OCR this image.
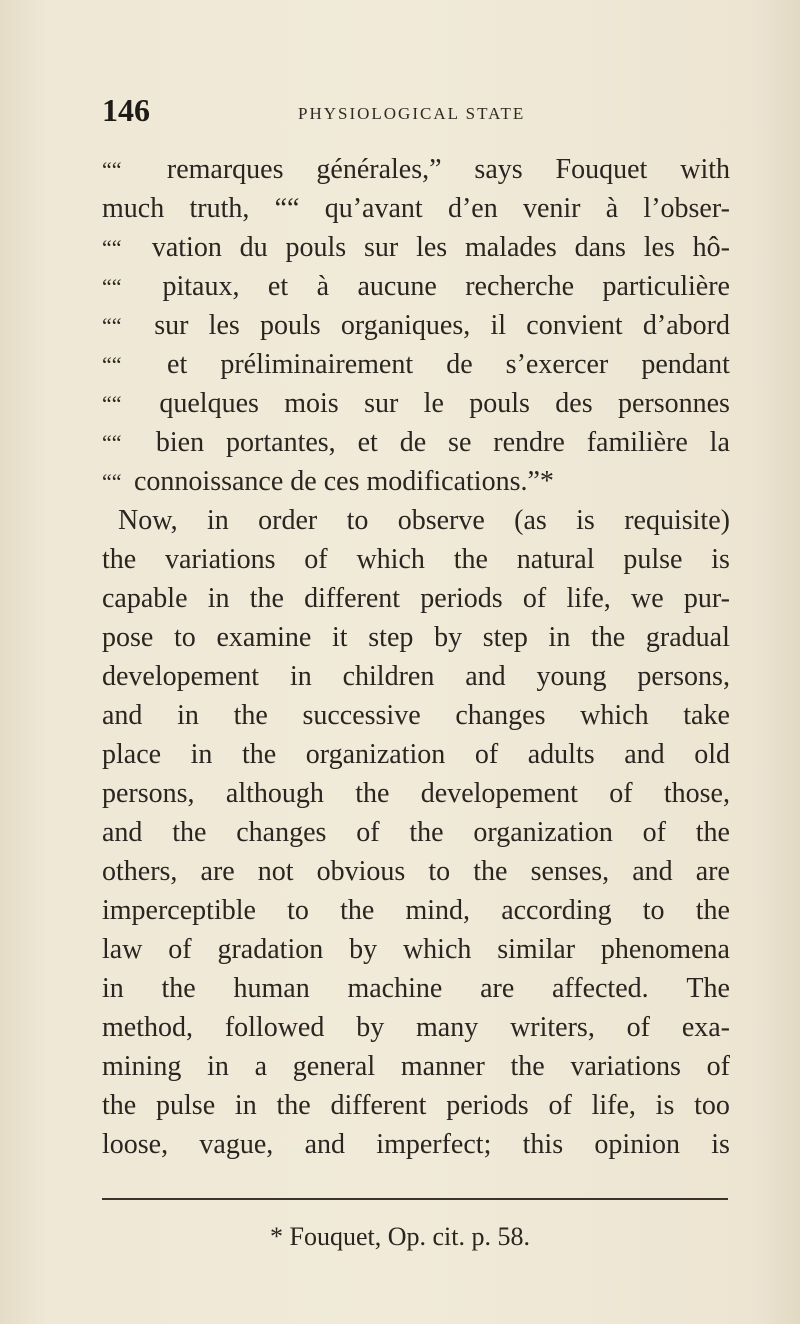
146	PHYSIOLOGICAL STATE
““	remarques générales,” says Fouquet with
much truth, ““ qu’avant d’en venir à l’obser-
““	vation du pouls sur les malades dans les hô-
““	pitaux, et à aucune recherche particulière
““	sur les pouls organiques, il convient d’abord
““	et préliminairement de s’exercer pendant
““	quelques mois sur le pouls des personnes
““	bien portantes, et de se rendre familière la
““ connoissance
de
ces
modifications.”*
Now, in order to observe (as is requisite)
the variations of which the natural pulse is
capable in the different periods of life, we pur-
pose to examine it step by step in the gradual
developement in children and young persons,
and in the successive changes which take
place in the organization of adults and old
persons, although the developement of those,
and the changes of the organization of the
others, are not obvious to the senses, and are
imperceptible to the mind, according to the
law of gradation by which similar phenomena
in the human machine are affected. The
method, followed by many writers, of exa-
mining in a general manner the variations of
the pulse in the different periods of life, is too
loose, vague, and imperfect; this opinion is
* Fouquet, Op. cit. p. 58.
